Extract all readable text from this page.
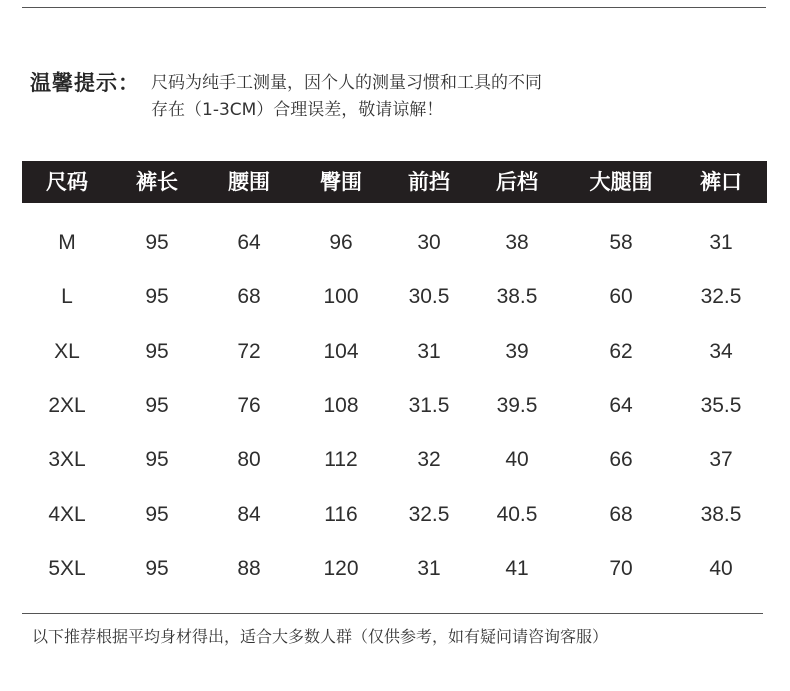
温馨提示： 尺码为纯手工测量，因个人的测量习惯和工具的不同
存在（1-3CM）合理误差，敬请谅解！
尺码 裤长 腰围 臀围 前挡 后档 大腿围 裤口
M	95	64	96	30	38	58	31
L	95	68	100 30.5 38.5	60	32.5
XL	95	72	104	31	39	62	34
2XL	95	76	108 31.5 39.5	64	35.5
3XL	95	80	112	32	40	66	37
4XL	95	84	116 32.5 40.5	68	38.5
5XL	95	88	120	31	41	70	40
以下推荐根据平均身材得出，适合大多数人群（仅供参考，如有疑问请咨询客服）
